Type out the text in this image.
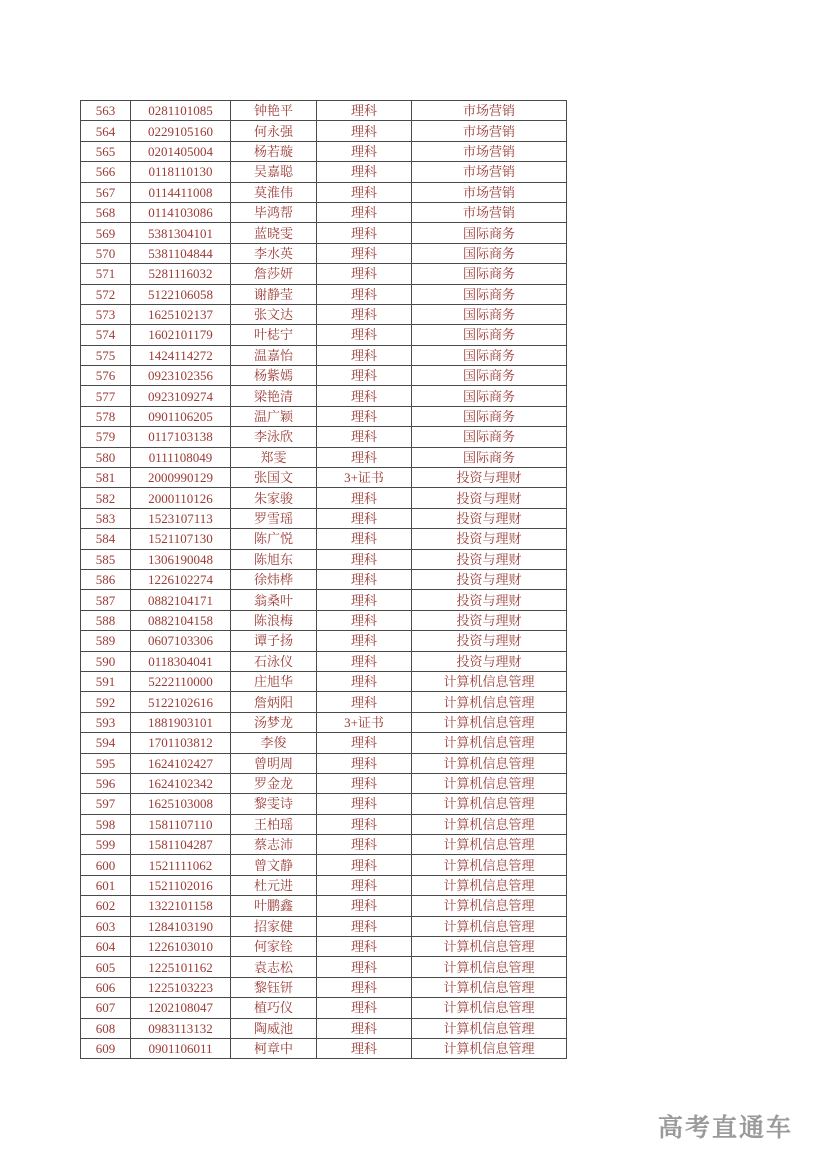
563	0281101085	钟艳平	理科	市场营销
564	0229105160	何永强	理科	市场营销
565	0201405004	杨若璇	理科	市场营销
566	0118110130	吴嘉聪	理科	市场营销
567	0114411008	莫淮伟	理科	市场营销
568	0114103086	毕鸿帮	理科	市场营销
569	5381304101	蓝晓雯	理科	国际商务
570	5381104844	李水英	理科	国际商务
571	5281116032	詹莎妍	理科	国际商务
572	5122106058	谢静莹	理科	国际商务
573	1625102137	张文达	理科	国际商务
574	1602101179	叶梽宁	理科	国际商务
575	1424114272	温嘉怡	理科	国际商务
576	0923102356	杨紫嫣	理科	国际商务
577	0923109274	梁艳清	理科	国际商务
578	0901106205	温广颖	理科	国际商务
579	0117103138	李泳欣	理科	国际商务
580	0111108049	郑雯	理科	国际商务
581	2000990129	张国文	3+证书	投资与理财
582	2000110126	朱家骏	理科	投资与理财
583	1523107113	罗雪瑶	理科	投资与理财
584	1521107130	陈广悦	理科	投资与理财
585	1306190048	陈旭东	理科	投资与理财
586	1226102274	徐炜桦	理科	投资与理财
587	0882104171	翁桑叶	理科	投资与理财
588	0882104158	陈浪梅	理科	投资与理财
589	0607103306	谭子扬	理科	投资与理财
590	0118304041	石泳仪	理科	投资与理财
591	5222110000	庄旭华	理科	计算机信息管理
592	5122102616	詹炳阳	理科	计算机信息管理
593	1881903101	汤梦龙	3+证书	计算机信息管理
594	1701103812	李俊	理科	计算机信息管理
595	1624102427	曾明周	理科	计算机信息管理
596	1624102342	罗金龙	理科	计算机信息管理
597	1625103008	黎雯诗	理科	计算机信息管理
598	1581107110	王柏瑶	理科	计算机信息管理
599	1581104287	蔡志沛	理科	计算机信息管理
600	1521111062	曾文静	理科	计算机信息管理
601	1521102016	杜元进	理科	计算机信息管理
602	1322101158	叶鹏鑫	理科	计算机信息管理
603	1284103190	招家健	理科	计算机信息管理
604	1226103010	何家铨	理科	计算机信息管理
605	1225101162	袁志松	理科	计算机信息管理
606	1225103223	黎钰钘	理科	计算机信息管理
607	1202108047	植巧仪	理科	计算机信息管理
608	0983113132	陶威池	理科	计算机信息管理
609	0901106011	柯章中	理科	计算机信息管理
高考直通车
